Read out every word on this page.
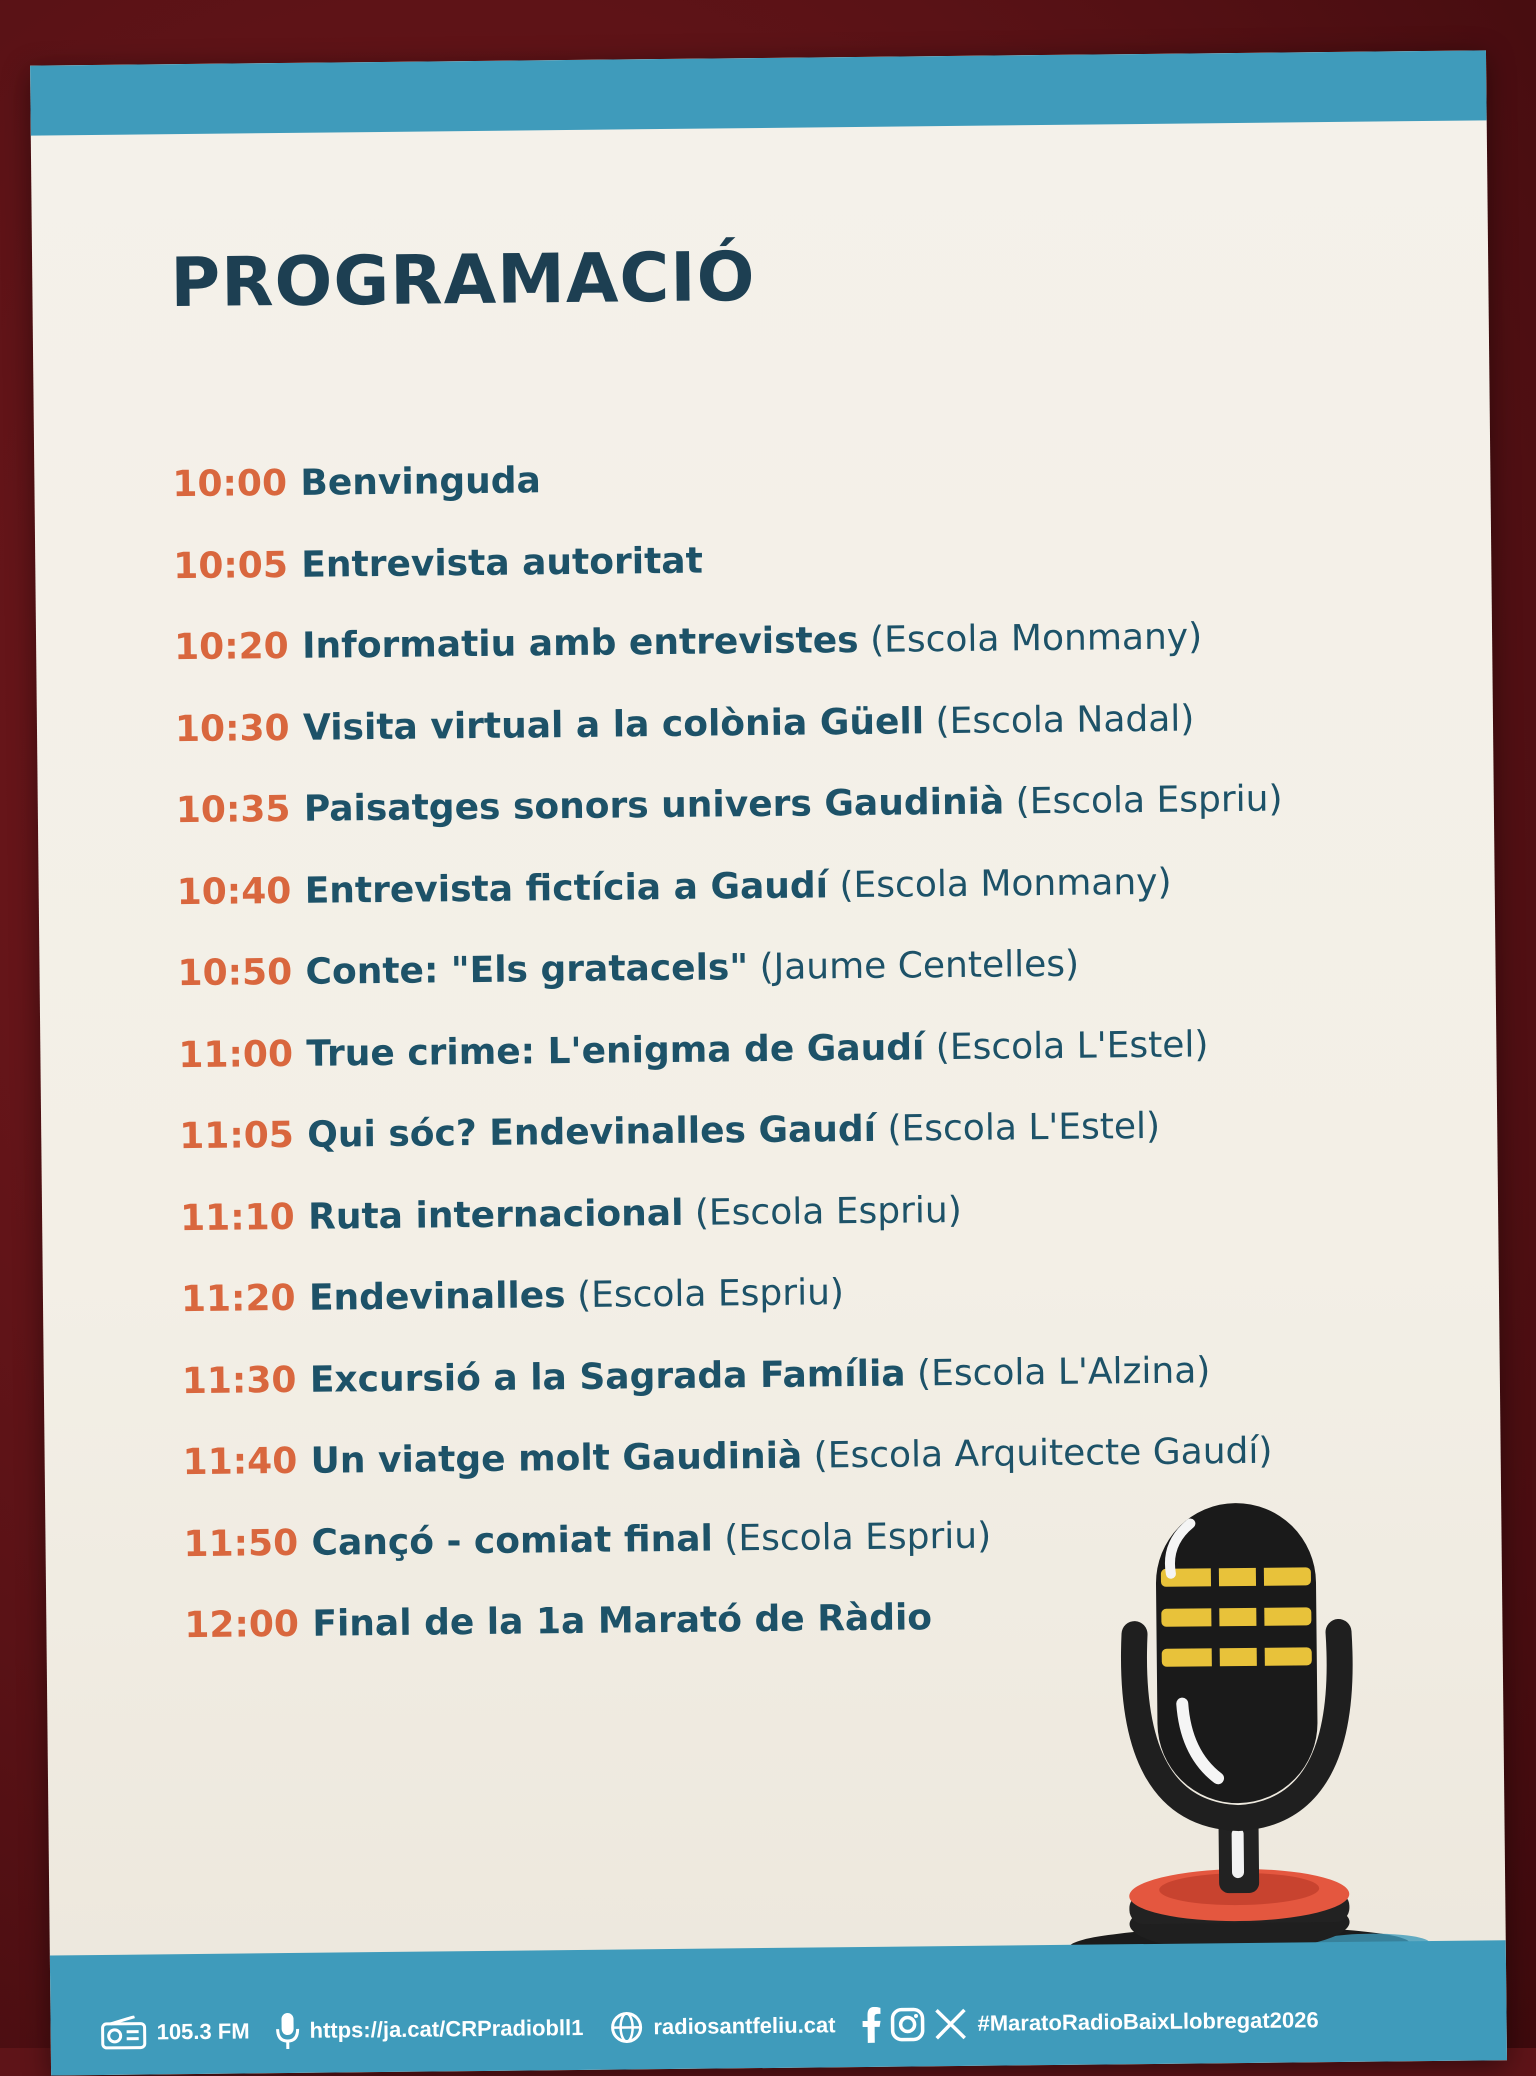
PROGRAMACIÓ
10:00 Benvinguda
10:05 Entrevista autoritat
10:20 Informatiu amb entrevistes (Escola Monmany)
10:30 Visita virtual a la colònia Güell (Escola Nadal)
10:35 Paisatges sonors univers Gaudinià (Escola Espriu)
10:40 Entrevista fictícia a Gaudí (Escola Monmany)
10:50 Conte: "Els gratacels" (Jaume Centelles)
11:00 True crime: L'enigma de Gaudí (Escola L'Estel)
11:05 Qui sóc? Endevinalles Gaudí (Escola L'Estel)
11:10 Ruta internacional (Escola Espriu)
11:20 Endevinalles (Escola Espriu)
11:30 Excursió a la Sagrada Família (Escola L'Alzina)
11:40 Un viatge molt Gaudinià (Escola Arquitecte Gaudí)
11:50 Cançó - comiat final (Escola Espriu)
12:00 Final de la 1a Marató de Ràdio
105.3 FM	https://ja.cat/CRPradiobll1	radiosantfeliu.cat	#MaratoRadioBaixLlobregat2026
